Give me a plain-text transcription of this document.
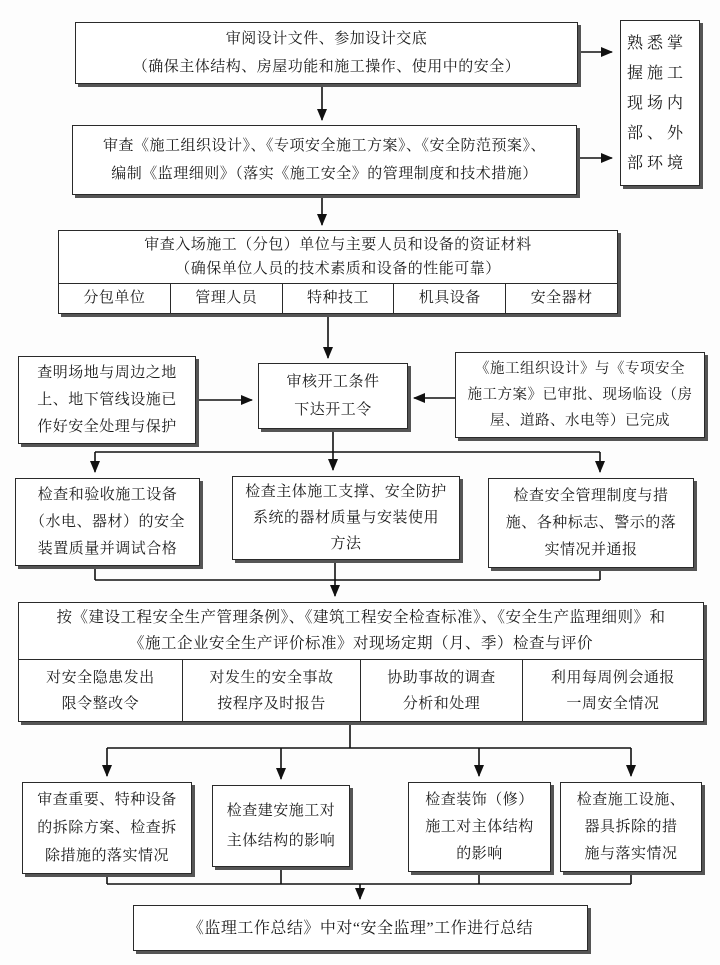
审阅设计文件、参加设计交底
（确保主体结构、房屋功能和施工操作、使用中的安全）
熟悉掌握施工现场内部、外部环境
审查《施工组织设计》、《专项安全施工方案》、《安全防范预案》、
编制《监理细则》（落实《施工安全》的管理制度和技术措施）
审查入场施工（分包）单位与主要人员和设备的资证材料
（确保单位人员的技术素质和设备的性能可靠）
分包单位	管理人员	特种技工	机具设备	安全器材
查明场地与周边之地
上、地下管线设施已
作好安全处理与保护
审核开工条件
下达开工令
《施工组织设计》与《专项安全
施工方案》已审批、现场临设（房
屋、道路、水电等）已完成
检查和验收施工设备
（水电、器材）的安全
装置质量并调试合格
检查主体施工支撑、安全防护
系统的器材质量与安装使用
方法
检查安全管理制度与措
施、各种标志、警示的落
实情况并通报
按《建设工程安全生产管理条例》、《建筑工程安全检查标准》、《安全生产监理细则》和
《施工企业安全生产评价标准》对现场定期（月、季）检查与评价
对安全隐患发出
限令整改令
对发生的安全事故
按程序及时报告
协助事故的调查
分析和处理
利用每周例会通报
一周安全情况
审查重要、特种设备
的拆除方案、检查拆
除措施的落实情况
检查建安施工对
主体结构的影响
检查装饰（修）
施工对主体结构
的影响
检查施工设施、
器具拆除的措
施与落实情况
《监理工作总结》中对“安全监理”工作进行总结
